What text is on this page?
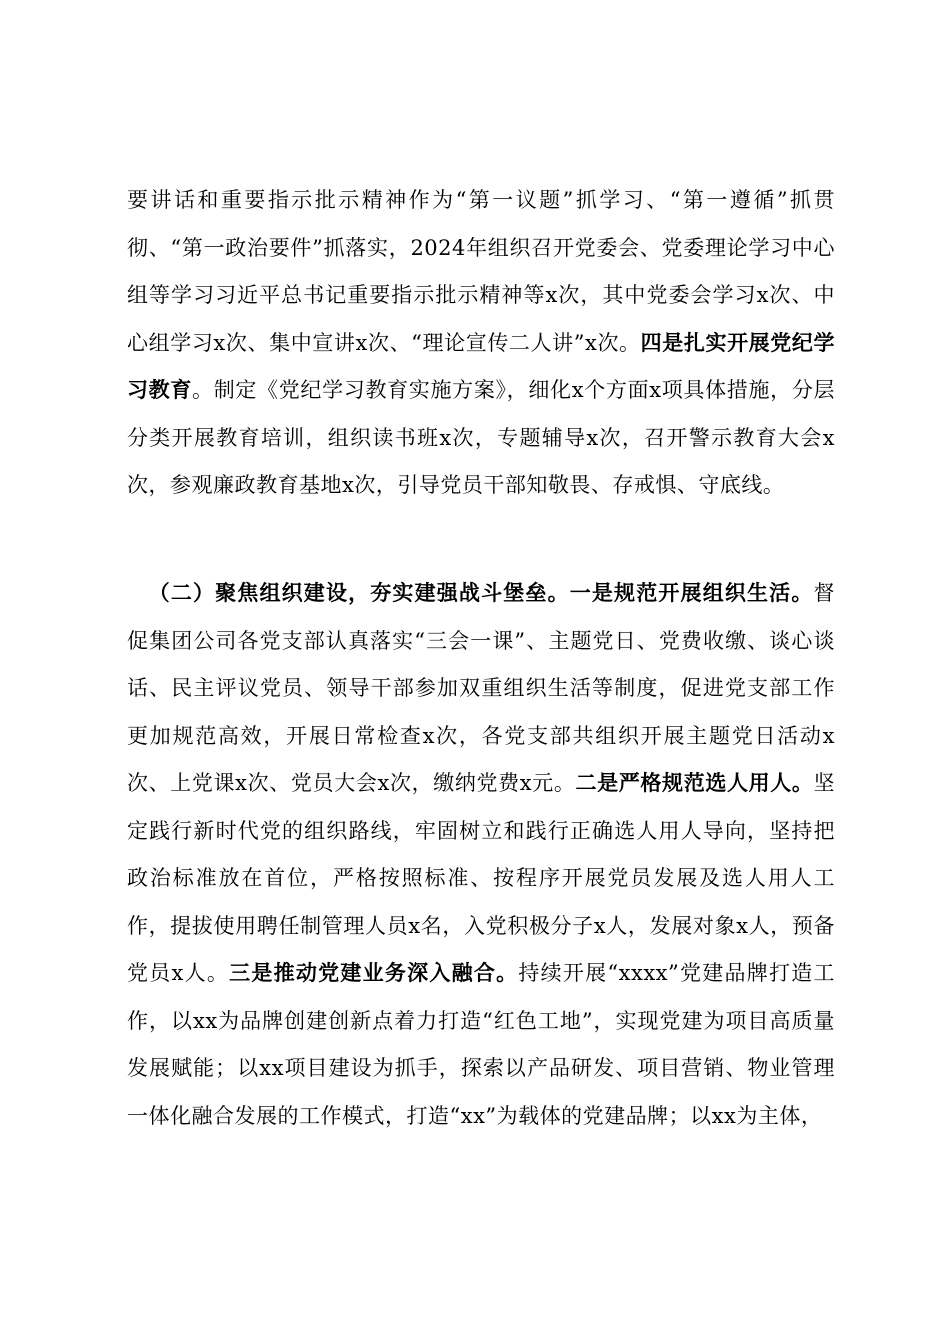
要讲话和重要指示批示精神作为“第一议题”抓学习、“第一遵循”抓贯彻、“第一政治要件”抓落实，2024年组织召开党委会、党委理论学习中心组等学习习近平总书记重要指示批示精神等x次，其中党委会学习x次、中心组学习x次、集中宣讲x次、“理论宣传二人讲”x次。四是扎实开展党纪学习教育。制定《党纪学习教育实施方案》，细化x个方面x项具体措施，分层分类开展教育培训，组织读书班x次，专题辅导x次，召开警示教育大会x次，参观廉政教育基地x次，引导党员干部知敬畏、存戒惧、守底线。
（二）聚焦组织建设，夯实建强战斗堡垒。一是规范开展组织生活。督促集团公司各党支部认真落实“三会一课”、主题党日、党费收缴、谈心谈话、民主评议党员、领导干部参加双重组织生活等制度，促进党支部工作更加规范高效，开展日常检查x次，各党支部共组织开展主题党日活动x次、上党课x次、党员大会x次，缴纳党费x元。二是严格规范选人用人。坚定践行新时代党的组织路线，牢固树立和践行正确选人用人导向，坚持把政治标准放在首位，严格按照标准、按程序开展党员发展及选人用人工作，提拔使用聘任制管理人员x名，入党积极分子x人，发展对象x人，预备党员x人。三是推动党建业务深入融合。持续开展“xxxx”党建品牌打造工作，以xx为品牌创建创新点着力打造“红色工地”，实现党建为项目高质量发展赋能；以xx项目建设为抓手，探索以产品研发、项目营销、物业管理一体化融合发展的工作模式，打造“xx”为载体的党建品牌；以xx为主体，
